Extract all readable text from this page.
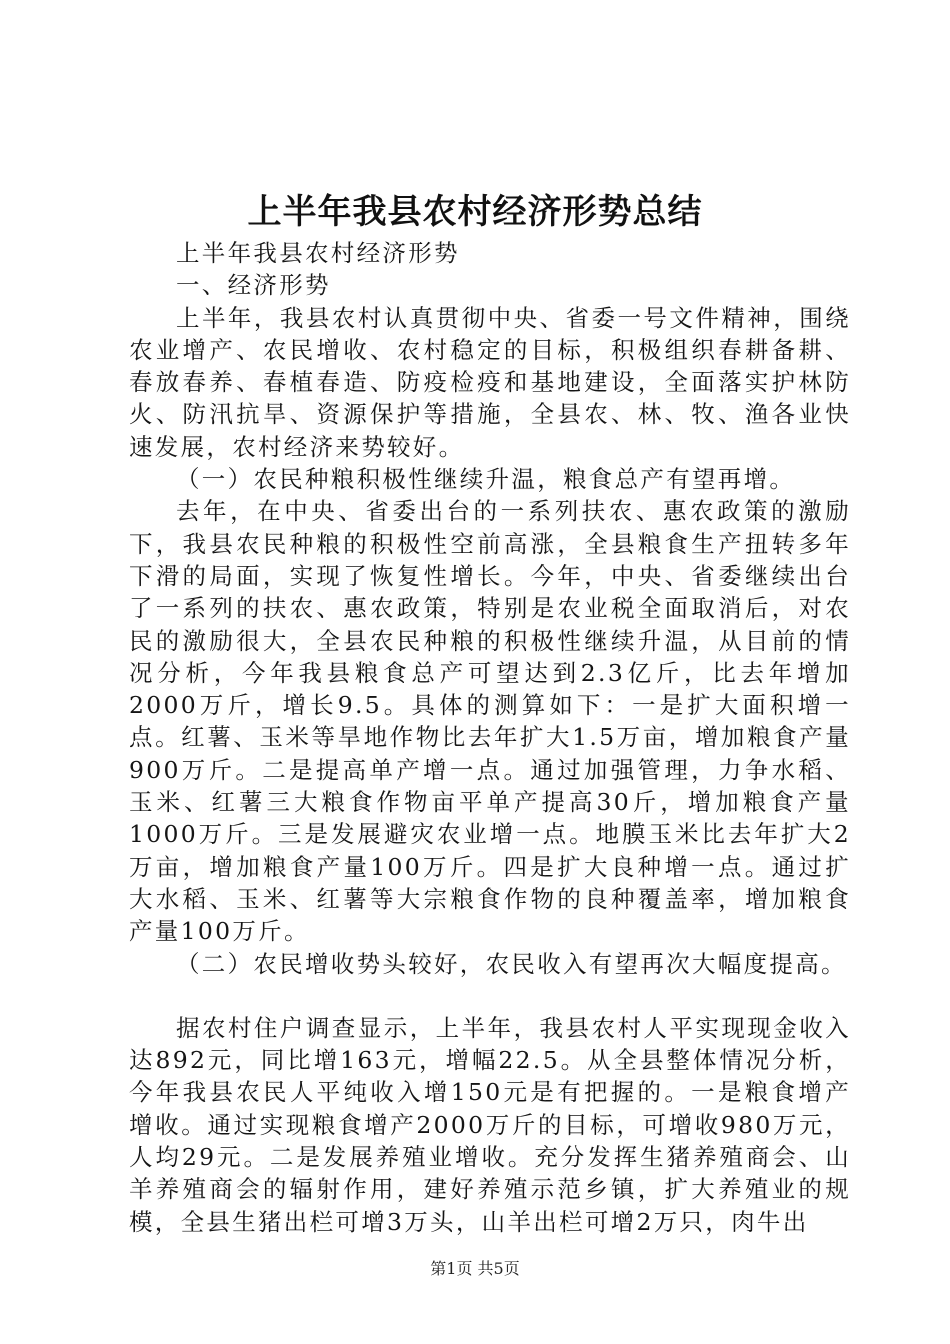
上半年我县农村经济形势总结

上半年我县农村经济形势

一、经济形势

上半年，我县农村认真贯彻中央、省委一号文件精神，围绕农业增产、农民增收、农村稳定的目标，积极组织春耕备耕、春放春养、春植春造、防疫检疫和基地建设，全面落实护林防火、防汛抗旱、资源保护等措施，全县农、林、牧、渔各业快速发展，农村经济来势较好。

（一）农民种粮积极性继续升温，粮食总产有望再增。

去年，在中央、省委出台的一系列扶农、惠农政策的激励下，我县农民种粮的积极性空前高涨，全县粮食生产扭转多年下滑的局面，实现了恢复性增长。今年，中央、省委继续出台了一系列的扶农、惠农政策，特别是农业税全面取消后，对农民的激励很大，全县农民种粮的积极性继续升温，从目前的情况分析，今年我县粮食总产可望达到2.3亿斤，比去年增加2000万斤，增长9.5。具体的测算如下：一是扩大面积增一点。红薯、玉米等旱地作物比去年扩大1.5万亩，增加粮食产量900万斤。二是提高单产增一点。通过加强管理，力争水稻、玉米、红薯三大粮食作物亩平单产提高30斤，增加粮食产量1000万斤。三是发展避灾农业增一点。地膜玉米比去年扩大2万亩，增加粮食产量100万斤。四是扩大良种增一点。通过扩大水稻、玉米、红薯等大宗粮食作物的良种覆盖率，增加粮食产量100万斤。

（二）农民增收势头较好，农民收入有望再次大幅度提高。

据农村住户调查显示，上半年，我县农村人平实现现金收入达892元，同比增163元，增幅22.5。从全县整体情况分析，今年我县农民人平纯收入增150元是有把握的。一是粮食增产增收。通过实现粮食增产2000万斤的目标，可增收980万元，人均29元。二是发展养殖业增收。充分发挥生猪养殖商会、山羊养殖商会的辐射作用，建好养殖示范乡镇，扩大养殖业的规模，全县生猪出栏可增3万头，山羊出栏可增2万只，肉牛出

第1页 共5页
